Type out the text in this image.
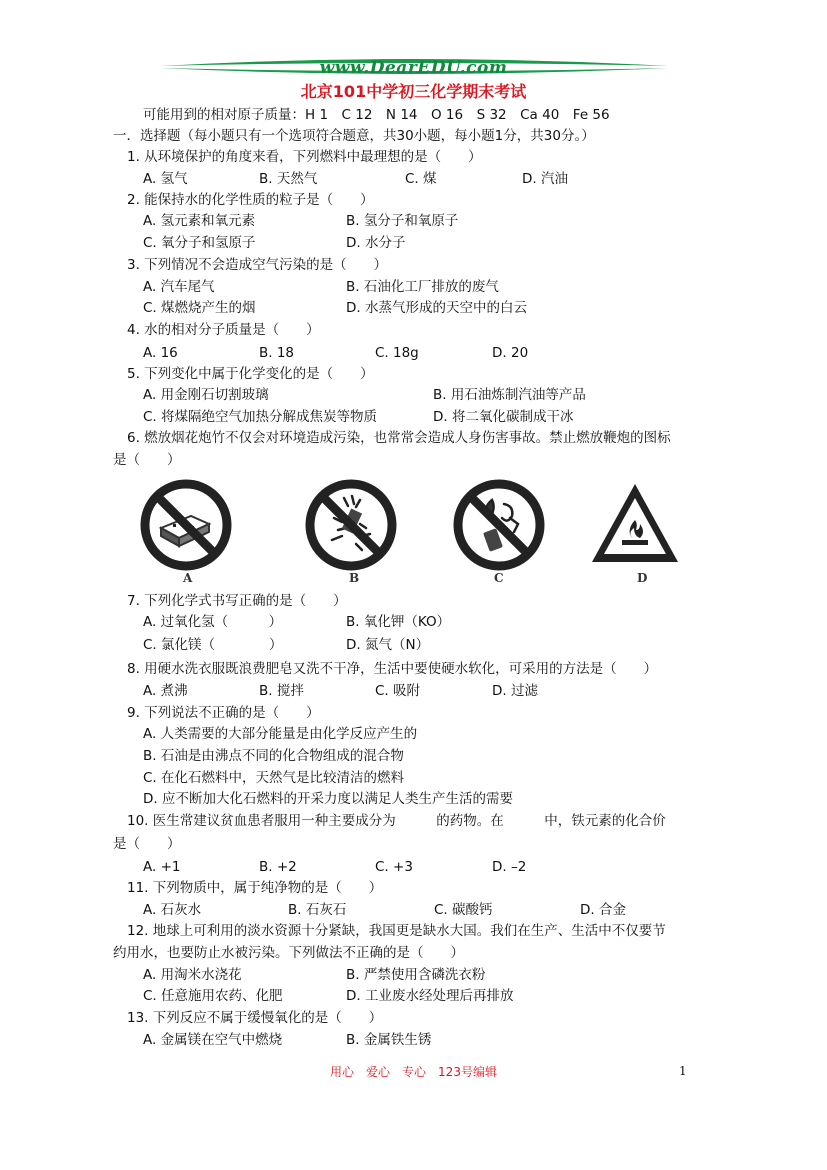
www.DearEDU.com
北京101中学初三化学期末考试
可能用到的相对原子质量：H 1　C 12　N 14　O 16　S 32　Ca 40　Fe 56
一．选择题（每小题只有一个选项符合题意，共30小题，每小题1分，共30分。）
1. 从环境保护的角度来看，下列燃料中最理想的是（　　）
A. 氢气	B. 天然气	C. 煤	D. 汽油
2. 能保持水的化学性质的粒子是（　　）
A. 氢元素和氧元素	B. 氢分子和氧原子
C. 氧分子和氢原子	D. 水分子
3. 下列情况不会造成空气污染的是（　　）
A. 汽车尾气	B. 石油化工厂排放的废气
C. 煤燃烧产生的烟	D. 水蒸气形成的天空中的白云
4. 水的相对分子质量是（　　）
A. 16	B. 18	C. 18g	D. 20
5. 下列变化中属于化学变化的是（　　）
A. 用金刚石切割玻璃	B. 用石油炼制汽油等产品
C. 将煤隔绝空气加热分解成焦炭等物质	D. 将二氧化碳制成干冰
6. 燃放烟花炮竹不仅会对环境造成污染，也常常会造成人身伤害事故。禁止燃放鞭炮的图标
是（　　）
A	B	C	D
7. 下列化学式书写正确的是（　　）
A. 过氧化氢（　　　）	B. 氧化钾（KO）
C. 氯化镁（　　　　）	D. 氮气（N）
8. 用硬水洗衣服既浪费肥皂又洗不干净，生活中要使硬水软化，可采用的方法是（　　）
A. 煮沸	B. 搅拌	C. 吸附	D. 过滤
9. 下列说法不正确的是（　　）
A. 人类需要的大部分能量是由化学反应产生的
B. 石油是由沸点不同的化合物组成的混合物
C. 在化石燃料中，天然气是比较清洁的燃料
D. 应不断加大化石燃料的开采力度以满足人类生产生活的需要
10. 医生常建议贫血患者服用一种主要成分为　　　的药物。在　　　中，铁元素的化合价
是（　　）
A. +1	B. +2	C. +3	D. –2
11. 下列物质中，属于纯净物的是（　　）
A. 石灰水	B. 石灰石	C. 碳酸钙	D. 合金
12. 地球上可利用的淡水资源十分紧缺，我国更是缺水大国。我们在生产、生活中不仅要节
约用水，也要防止水被污染。下列做法不正确的是（　　）
A. 用淘米水浇花	B. 严禁使用含磷洗衣粉
C. 任意施用农药、化肥	D. 工业废水经处理后再排放
13. 下列反应不属于缓慢氧化的是（　　）
A. 金属镁在空气中燃烧	B. 金属铁生锈
用心　爱心　专心　123号编辑	1
